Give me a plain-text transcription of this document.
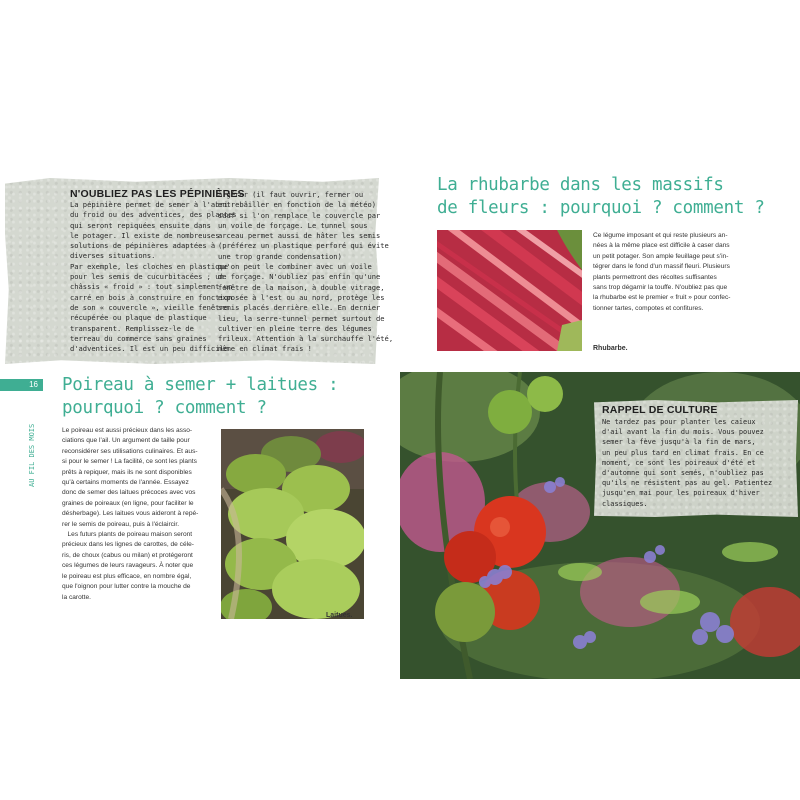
N'OUBLIEZ PAS LES PÉPINIÈRES
La pépinière permet de semer à l'abri
du froid ou des adventices, des plantes
qui seront repiquées ensuite dans
le potager. Il existe de nombreuses
solutions de pépinières adaptées à
diverses situations.
Par exemple, les cloches en plastique
pour les semis de cucurbitacées ; un
châssis « froid » : tout simplement un
carré en bois à construire en fonction
de son « couvercle », vieille fenêtre
récupérée ou plaque de plastique
transparent. Remplissez-le de
terreau du commerce sans graines
d'adventices. Il est un peu difficile
à gérer (il faut ouvrir, fermer ou
entrebâiller en fonction de la météo)
sauf si l'on remplace le couvercle par
un voile de forçage. Le tunnel sous
arceau permet aussi de hâter les semis
(préférez un plastique perforé qui évite
une trop grande condensation)
qu'on peut le combiner avec un voile
de forçage. N'oubliez pas enfin qu'une
fenêtre de la maison, à double vitrage,
exposée à l'est ou au nord, protège les
semis placés derrière elle. En dernier
lieu, la serre-tunnel permet surtout de
cultiver en pleine terre des légumes
frileux. Attention à la surchauffe l'été,
même en climat frais !
16
AU FIL DES MOIS
Poireau à semer + laitues :
pourquoi ? comment ?
Le poireau est aussi précieux dans les asso-
ciations que l'ail. Un argument de taille pour
reconsidérer ses utilisations culinaires. Et aus-
si pour le semer ! La facilité, ce sont les plants
prêts à repiquer, mais ils ne sont disponibles
qu'à certains moments de l'année. Essayez
donc de semer des laitues précoces avec vos
graines de poireaux (en ligne, pour faciliter le
désherbage). Les laitues vous aideront à repé-
rer le semis de poireau, puis à l'éclaircir.
Les futurs plants de poireau maison seront
précieux dans les lignes de carottes, de céle-
ris, de choux (cabus ou milan) et protégeront
ces légumes de leurs ravageurs. À noter que
le poireau est plus efficace, en nombre égal,
que l'oignon pour lutter contre la mouche de
la carotte.
Laitues.
La rhubarbe dans les massifs
de fleurs : pourquoi ? comment ?
Ce légume imposant et qui reste plusieurs an-
nées à la même place est difficile à caser dans
un petit potager. Son ample feuillage peut s'in-
tégrer dans le fond d'un massif fleuri. Plusieurs
plants permettront des récoltes suffisantes
sans trop dégarnir la touffe. N'oubliez pas que
la rhubarbe est le premier « fruit » pour confec-
tionner tartes, compotes et confitures.
Rhubarbe.
RAPPEL DE CULTURE
Ne tardez pas pour planter les caïeux
d'ail avant la fin du mois. Vous pouvez
semer la fève jusqu'à la fin de mars,
un peu plus tard en climat frais. En ce
moment, ce sont les poireaux d'été et
d'automne qui sont semés, n'oubliez pas
qu'ils ne résistent pas au gel. Patientez
jusqu'en mai pour les poireaux d'hiver
classiques.
